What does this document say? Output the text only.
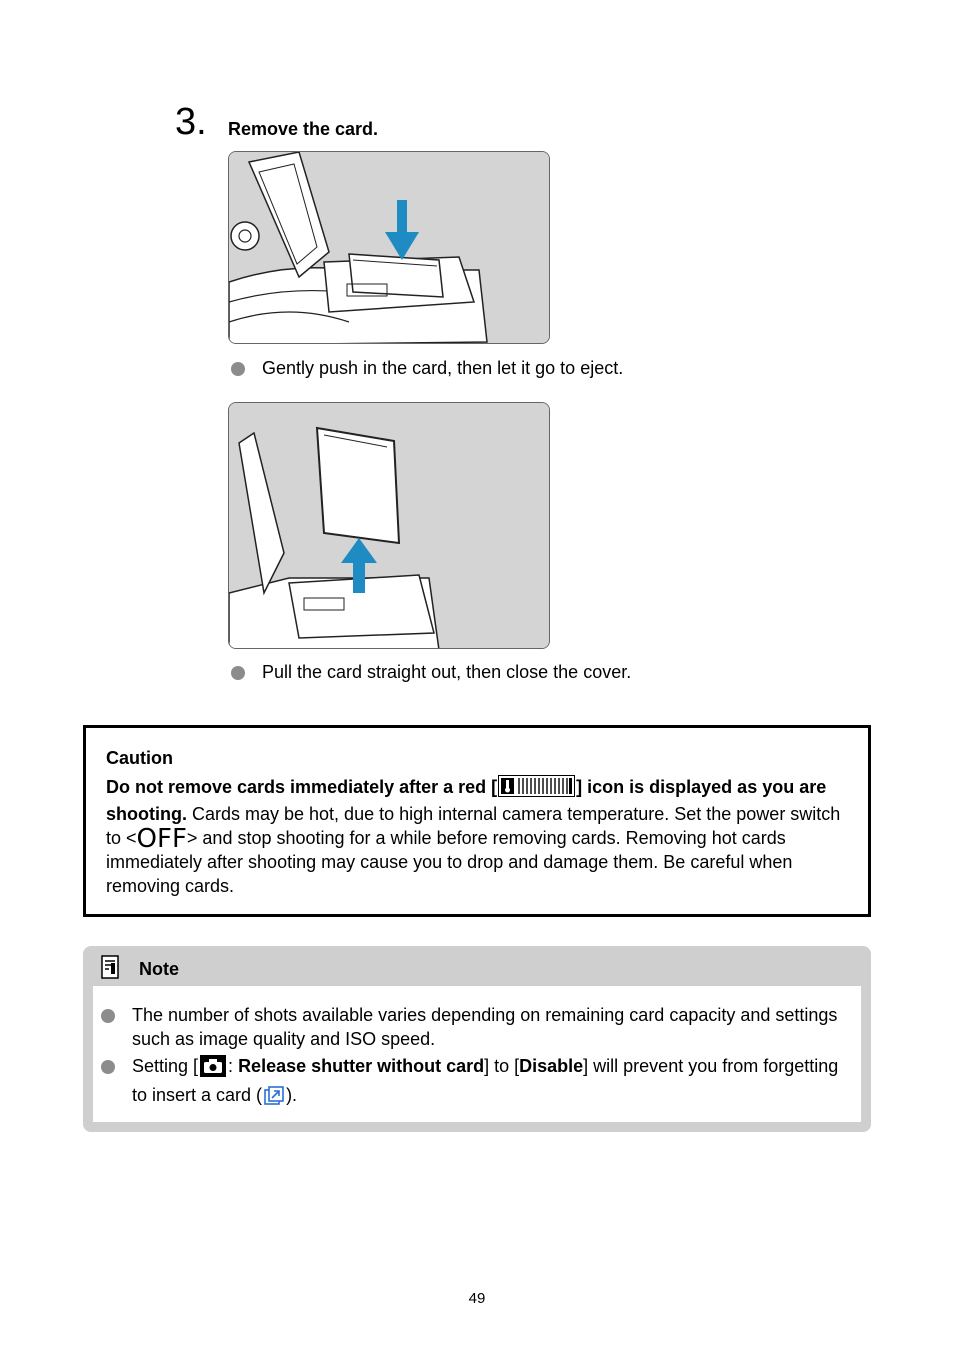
3. Remove the card.
Gently push in the card, then let it go to eject.
Pull the card straight out, then close the cover.
Caution
Do not remove cards immediately after a red [	] icon is displayed as you are shooting. Cards may be hot, due to high internal camera temperature. Set the power switch to <OFF> and stop shooting for a while before removing cards. Removing hot cards immediately after shooting may cause you to drop and damage them. Be careful when removing cards.
Note
The number of shots available varies depending on remaining card capacity and settings such as image quality and ISO speed.
Setting [ : Release shutter without card] to [Disable] will prevent you from forgetting to insert a card ( ).
49
